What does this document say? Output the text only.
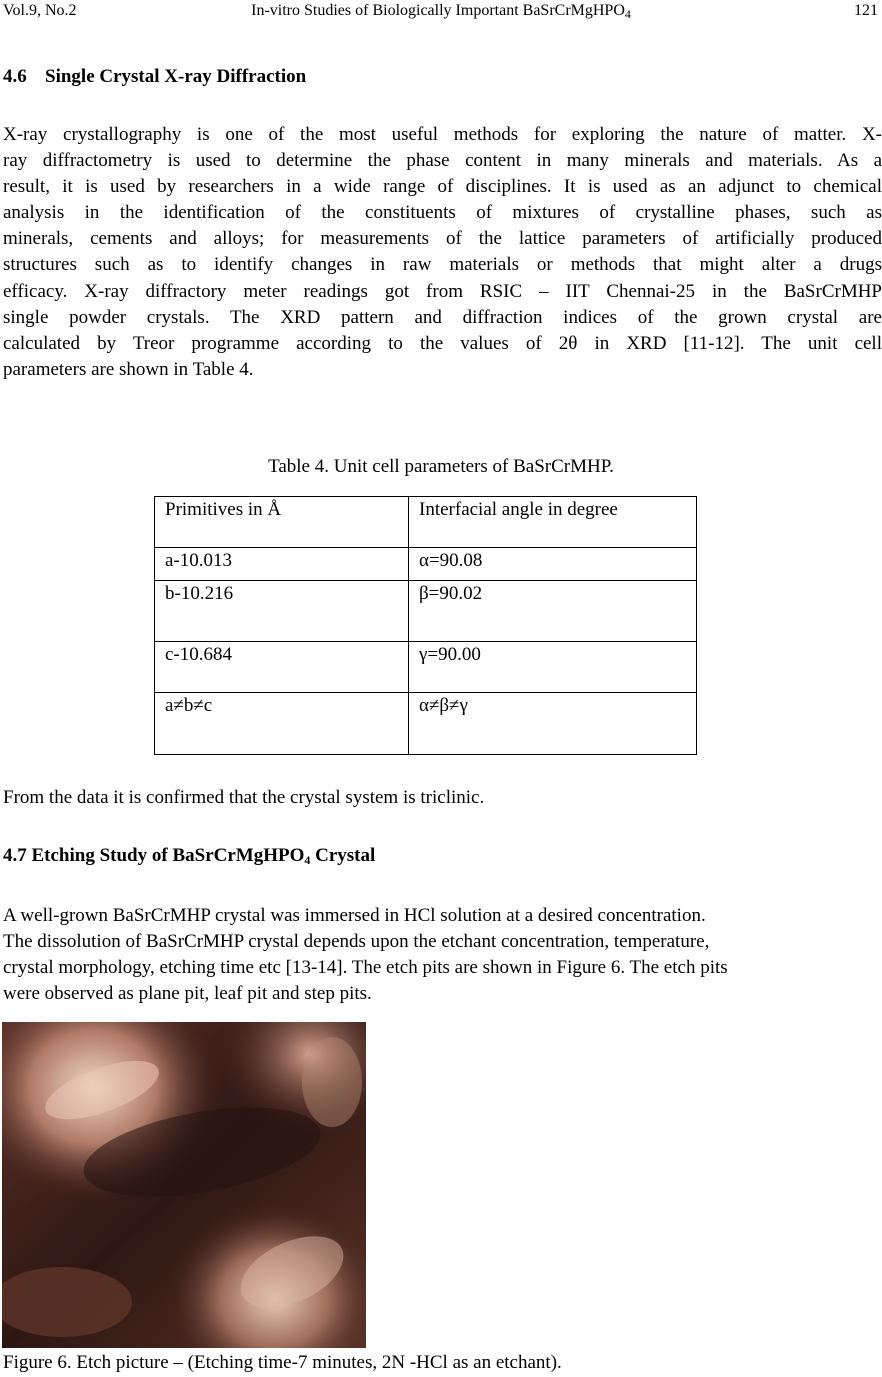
Vol.9, No.2	In-vitro Studies of Biologically Important BaSrCrMgHPO$_4$	121
4.6 Single Crystal X-ray Diffraction
X-ray crystallography is one of the most useful methods for exploring the nature of matter. X-
ray diffractometry is used to determine the phase content in many minerals and materials. As a
result, it is used by researchers in a wide range of disciplines. It is used as an adjunct to chemical
analysis in the identification of the constituents of mixtures of crystalline phases, such as
minerals, cements and alloys; for measurements of the lattice parameters of artificially produced
structures such as to identify changes in raw materials or methods that might alter a drugs
efficacy. X-ray diffractory meter readings got from RSIC – IIT Chennai-25 in the BaSrCrMHP
single powder crystals. The XRD pattern and diffraction indices of the grown crystal are
calculated by Treor programme according to the values of 2θ in XRD [11-12]. The unit cell
parameters are shown in Table 4.
Table 4. Unit cell parameters of BaSrCrMHP.
Primitives in Å	Interfacial angle in degree
a-10.013	α=90.08
b-10.216	β=90.02
c-10.684	γ=90.00
a≠b≠c	α≠β≠γ
From the data it is confirmed that the crystal system is triclinic.
4.7 Etching Study of BaSrCrMgHPO$_4$ Crystal
A well-grown BaSrCrMHP crystal was immersed in HCl solution at a desired concentration.
The dissolution of BaSrCrMHP crystal depends upon the etchant concentration, temperature,
crystal morphology, etching time etc [13-14]. The etch pits are shown in Figure 6. The etch pits
were observed as plane pit, leaf pit and step pits.
Figure 6. Etch picture – (Etching time-7 minutes, 2N -HCl as an etchant).
